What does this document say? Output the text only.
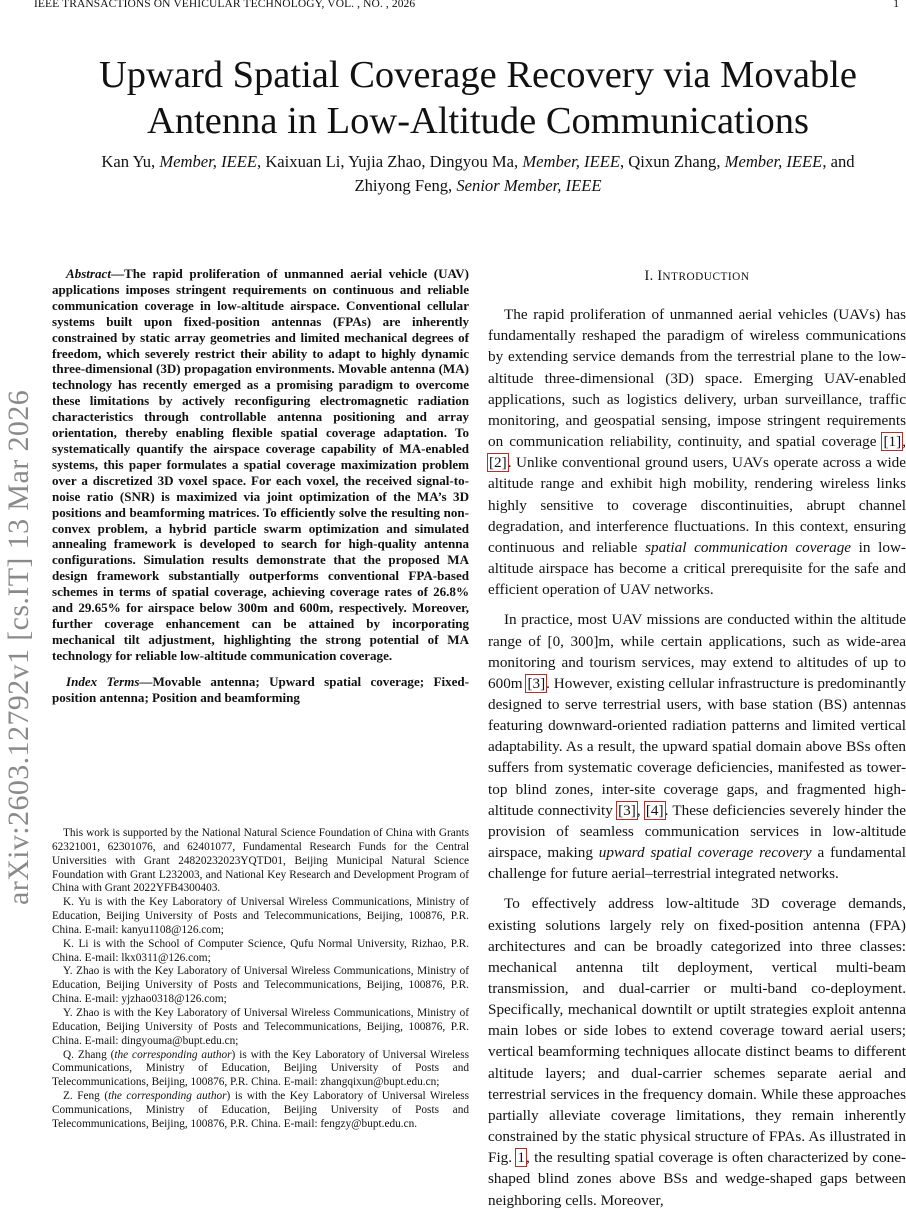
IEEE TRANSACTIONS ON VEHICULAR TECHNOLOGY, VOL. , NO. , 2026	1
arXiv:2603.12792v1 [cs.IT] 13 Mar 2026
Upward Spatial Coverage Recovery via Movable
Antenna in Low-Altitude Communications
Kan Yu, Member, IEEE, Kaixuan Li, Yujia Zhao, Dingyou Ma, Member, IEEE, Qixun Zhang, Member, IEEE, and
Zhiyong Feng, Senior Member, IEEE

Abstract—The rapid proliferation of unmanned aerial vehicle (UAV) applications imposes stringent requirements on continuous and reliable communication coverage in low-altitude airspace. Conventional cellular systems built upon fixed-position antennas (FPAs) are inherently constrained by static array geometries and limited mechanical degrees of freedom, which severely restrict their ability to adapt to highly dynamic three-dimensional (3D) propagation environments. Movable antenna (MA) technology has recently emerged as a promising paradigm to overcome these limitations by actively reconfiguring electromagnetic radiation characteristics through controllable antenna positioning and array orientation, thereby enabling flexible spatial coverage adaptation. To systematically quantify the airspace coverage capability of MA-enabled systems, this paper formulates a spatial coverage maximization problem over a discretized 3D voxel space. For each voxel, the received signal-to-noise ratio (SNR) is maximized via joint optimization of the MA’s 3D positions and beamforming matrices. To efficiently solve the resulting non-convex problem, a hybrid particle swarm optimization and simulated annealing framework is developed to search for high-quality antenna configurations. Simulation results demonstrate that the proposed MA design framework substantially outperforms conventional FPA-based schemes in terms of spatial coverage, achieving coverage rates of 26.8% and 29.65% for airspace below 300m and 600m, respectively. Moreover, further coverage enhancement can be attained by incorporating mechanical tilt adjustment, highlighting the strong potential of MA technology for reliable low-altitude communication coverage.

Index Terms—Movable antenna; Upward spatial coverage; Fixed-position antenna; Position and beamforming

This work is supported by the National Natural Science Foundation of China with Grants 62321001, 62301076, and 62401077, Fundamental Research Funds for the Central Universities with Grant 24820232023YQTD01, Beijing Municipal Natural Science Foundation with Grant L232003, and National Key Research and Development Program of China with Grant 2022YFB4300403.

K. Yu is with the Key Laboratory of Universal Wireless Communications, Ministry of Education, Beijing University of Posts and Telecommunications, Beijing, 100876, P.R. China. E-mail: kanyu1108@126.com;

K. Li is with the School of Computer Science, Qufu Normal University, Rizhao, P.R. China. E-mail: lkx0311@126.com;

Y. Zhao is with the Key Laboratory of Universal Wireless Communications, Ministry of Education, Beijing University of Posts and Telecommunications, Beijing, 100876, P.R. China. E-mail: yjzhao0318@126.com;

Y. Zhao is with the Key Laboratory of Universal Wireless Communications, Ministry of Education, Beijing University of Posts and Telecommunications, Beijing, 100876, P.R. China. E-mail: dingyouma@bupt.edu.cn;

Q. Zhang (the corresponding author) is with the Key Laboratory of Universal Wireless Communications, Ministry of Education, Beijing University of Posts and Telecommunications, Beijing, 100876, P.R. China. E-mail: zhangqixun@bupt.edu.cn;

Z. Feng (the corresponding author) is with the Key Laboratory of Universal Wireless Communications, Ministry of Education, Beijing University of Posts and Telecommunications, Beijing, 100876, P.R. China. E-mail: fengzy@bupt.edu.cn.

I. INTRODUCTION

The rapid proliferation of unmanned aerial vehicles (UAVs) has fundamentally reshaped the paradigm of wireless communications by extending service demands from the terrestrial plane to the low-altitude three-dimensional (3D) space. Emerging UAV-enabled applications, such as logistics delivery, urban surveillance, traffic monitoring, and geospatial sensing, impose stringent requirements on communication reliability, continuity, and spatial coverage [1], [2]. Unlike conventional ground users, UAVs operate across a wide altitude range and exhibit high mobility, rendering wireless links highly sensitive to coverage discontinuities, abrupt channel degradation, and interference fluctuations. In this context, ensuring continuous and reliable spatial communication coverage in low-altitude airspace has become a critical prerequisite for the safe and efficient operation of UAV networks.

In practice, most UAV missions are conducted within the altitude range of [0, 300]m, while certain applications, such as wide-area monitoring and tourism services, may extend to altitudes of up to 600m [3]. However, existing cellular infrastructure is predominantly designed to serve terrestrial users, with base station (BS) antennas featuring downward-oriented radiation patterns and limited vertical adaptability. As a result, the upward spatial domain above BSs often suffers from systematic coverage deficiencies, manifested as tower-top blind zones, inter-site coverage gaps, and fragmented high-altitude connectivity [3], [4]. These deficiencies severely hinder the provision of seamless communication services in low-altitude airspace, making upward spatial coverage recovery a fundamental challenge for future aerial–terrestrial integrated networks.

To effectively address low-altitude 3D coverage demands, existing solutions largely rely on fixed-position antenna (FPA) architectures and can be broadly categorized into three classes: mechanical antenna tilt deployment, vertical multi-beam transmission, and dual-carrier or multi-band co-deployment. Specifically, mechanical downtilt or uptilt strategies exploit antenna main lobes or side lobes to extend coverage toward aerial users; vertical beamforming techniques allocate distinct beams to different altitude layers; and dual-carrier schemes separate aerial and terrestrial services in the frequency domain. While these approaches partially alleviate coverage limitations, they remain inherently constrained by the static physical structure of FPAs. As illustrated in Fig. 1, the resulting spatial coverage is often characterized by cone-shaped blind zones above BSs and wedge-shaped gaps between neighboring cells. Moreover,
